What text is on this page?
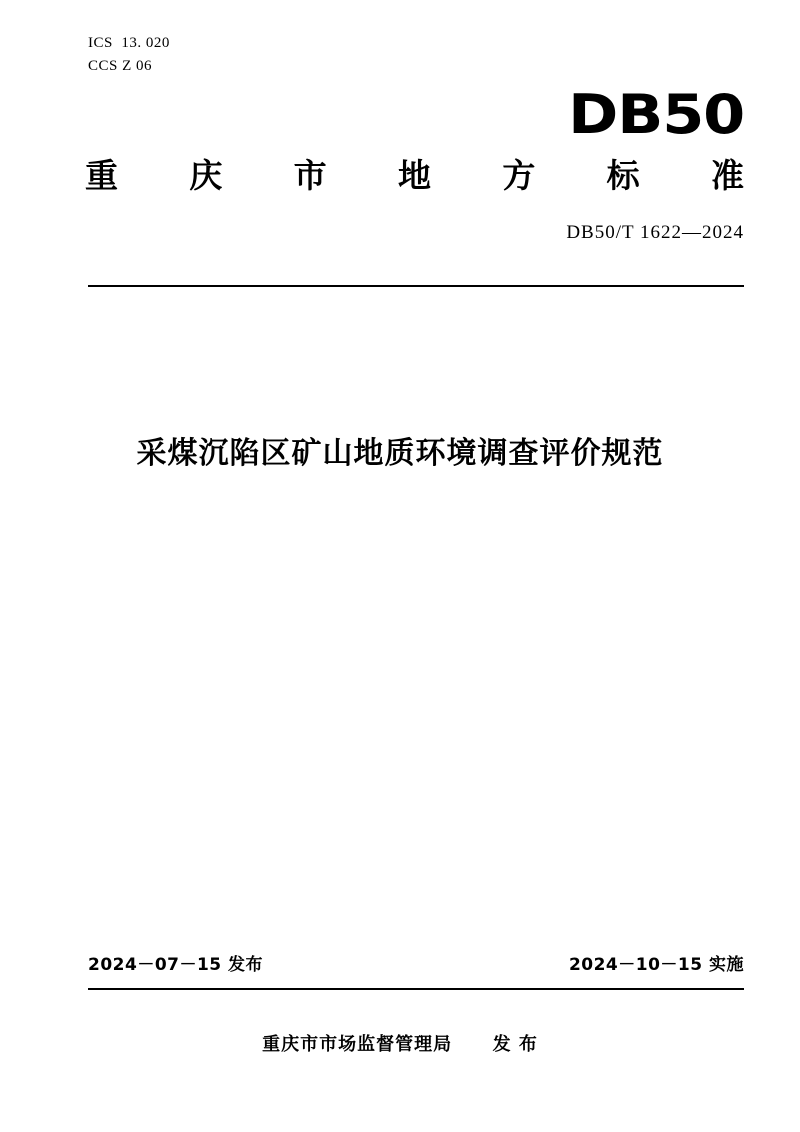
ICS  13. 020
CCS Z 06
DB50
重 庆 市 地 方 标 准
DB50/T 1622—2024
采煤沉陷区矿山地质环境调查评价规范
2024－07－15 发布	2024－10－15 实施
重庆市市场监督管理局 发 布
